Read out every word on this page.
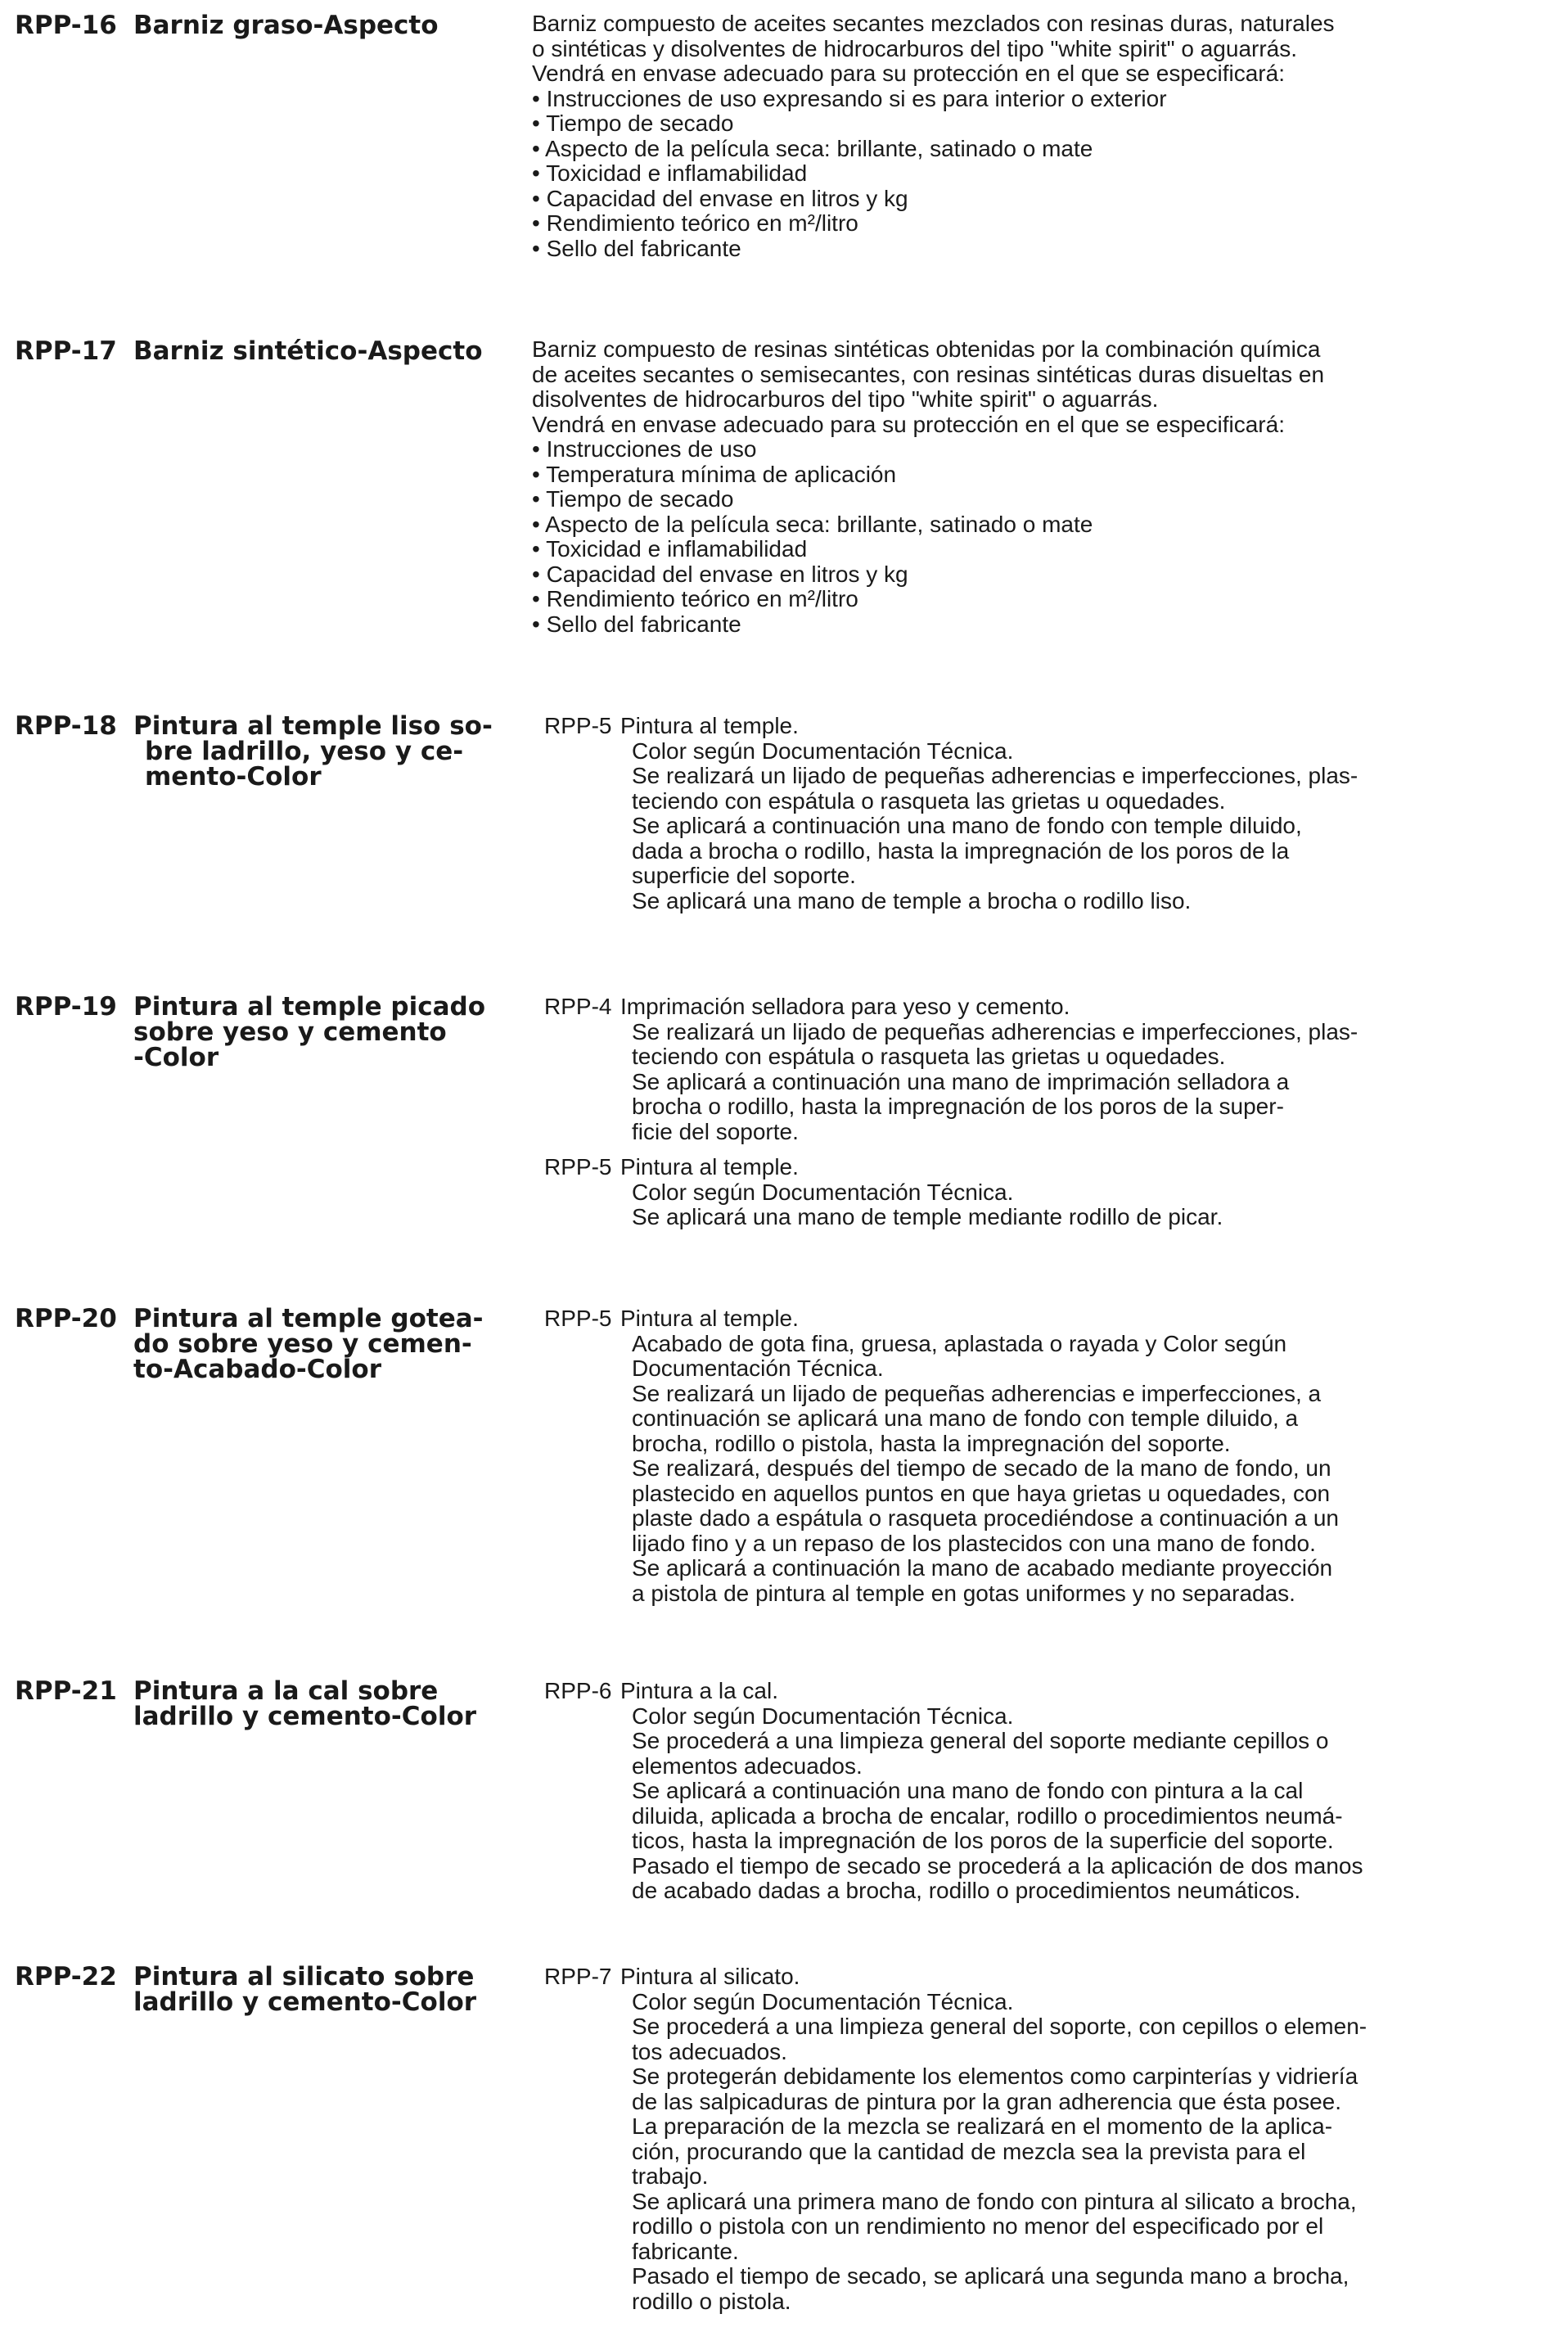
RPP-16 Barniz graso-Aspecto	Barniz compuesto de aceites secantes mezclados con resinas duras, naturales
o sintéticas y disolventes de hidrocarburos del tipo "white spirit" o aguarrás.
Vendrá en envase adecuado para su protección en el que se especificará:
• Instrucciones de uso expresando si es para interior o exterior
• Tiempo de secado
• Aspecto de la película seca: brillante, satinado o mate
• Toxicidad e inflamabilidad
• Capacidad del envase en litros y kg
• Rendimiento teórico en m²/litro
• Sello del fabricante
RPP-17 Barniz sintético-Aspecto Barniz compuesto de resinas sintéticas obtenidas por la combinación química
de aceites secantes o semisecantes, con resinas sintéticas duras disueltas en
disolventes de hidrocarburos del tipo "white spirit" o aguarrás.
Vendrá en envase adecuado para su protección en el que se especificará:
• Instrucciones de uso
• Temperatura mínima de aplicación
• Tiempo de secado
• Aspecto de la película seca: brillante, satinado o mate
• Toxicidad e inflamabilidad
• Capacidad del envase en litros y kg
• Rendimiento teórico en m²/litro
• Sello del fabricante
RPP-18 Pintura al temple liso so-
bre ladrillo, yeso y ce-
mento-Color
RPP-5 Pintura al temple.
Color según Documentación Técnica.
Se realizará un lijado de pequeñas adherencias e imperfecciones, plas-
teciendo con espátula o rasqueta las grietas u oquedades.
Se aplicará a continuación una mano de fondo con temple diluido,
dada a brocha o rodillo, hasta la impregnación de los poros de la
superficie del soporte.
Se aplicará una mano de temple a brocha o rodillo liso.
RPP-19 Pintura al temple picado
sobre yeso y cemento
-Color
RPP-4 Imprimación selladora para yeso y cemento.
Se realizará un lijado de pequeñas adherencias e imperfecciones, plas-
teciendo con espátula o rasqueta las grietas u oquedades.
Se aplicará a continuación una mano de imprimación selladora a
brocha o rodillo, hasta la impregnación de los poros de la super-
ficie del soporte.
RPP-5 Pintura al temple.
Color según Documentación Técnica.
Se aplicará una mano de temple mediante rodillo de picar.
RPP-20 Pintura al temple gotea-
do sobre yeso y cemen-
to-Acabado-Color
RPP-5 Pintura al temple.
Acabado de gota fina, gruesa, aplastada o rayada y Color según
Documentación Técnica.
Se realizará un lijado de pequeñas adherencias e imperfecciones, a
continuación se aplicará una mano de fondo con temple diluido, a
brocha, rodillo o pistola, hasta la impregnación del soporte.
Se realizará, después del tiempo de secado de la mano de fondo, un
plastecido en aquellos puntos en que haya grietas u oquedades, con
plaste dado a espátula o rasqueta procediéndose a continuación a un
lijado fino y a un repaso de los plastecidos con una mano de fondo.
Se aplicará a continuación la mano de acabado mediante proyección
a pistola de pintura al temple en gotas uniformes y no separadas.
RPP-21 Pintura a la cal sobre
ladrillo y cemento-Color
RPP-6 Pintura a la cal.
Color según Documentación Técnica.
Se procederá a una limpieza general del soporte mediante cepillos o
elementos adecuados.
Se aplicará a continuación una mano de fondo con pintura a la cal
diluida, aplicada a brocha de encalar, rodillo o procedimientos neumá-
ticos, hasta la impregnación de los poros de la superficie del soporte.
Pasado el tiempo de secado se procederá a la aplicación de dos manos
de acabado dadas a brocha, rodillo o procedimientos neumáticos.
RPP-22 Pintura al silicato sobre
ladrillo y cemento-Color
RPP-7 Pintura al silicato.
Color según Documentación Técnica.
Se procederá a una limpieza general del soporte, con cepillos o elemen-
tos adecuados.
Se protegerán debidamente los elementos como carpinterías y vidriería
de las salpicaduras de pintura por la gran adherencia que ésta posee.
La preparación de la mezcla se realizará en el momento de la aplica-
ción, procurando que la cantidad de mezcla sea la prevista para el
trabajo.
Se aplicará una primera mano de fondo con pintura al silicato a brocha,
rodillo o pistola con un rendimiento no menor del especificado por el
fabricante.
Pasado el tiempo de secado, se aplicará una segunda mano a brocha,
rodillo o pistola.
